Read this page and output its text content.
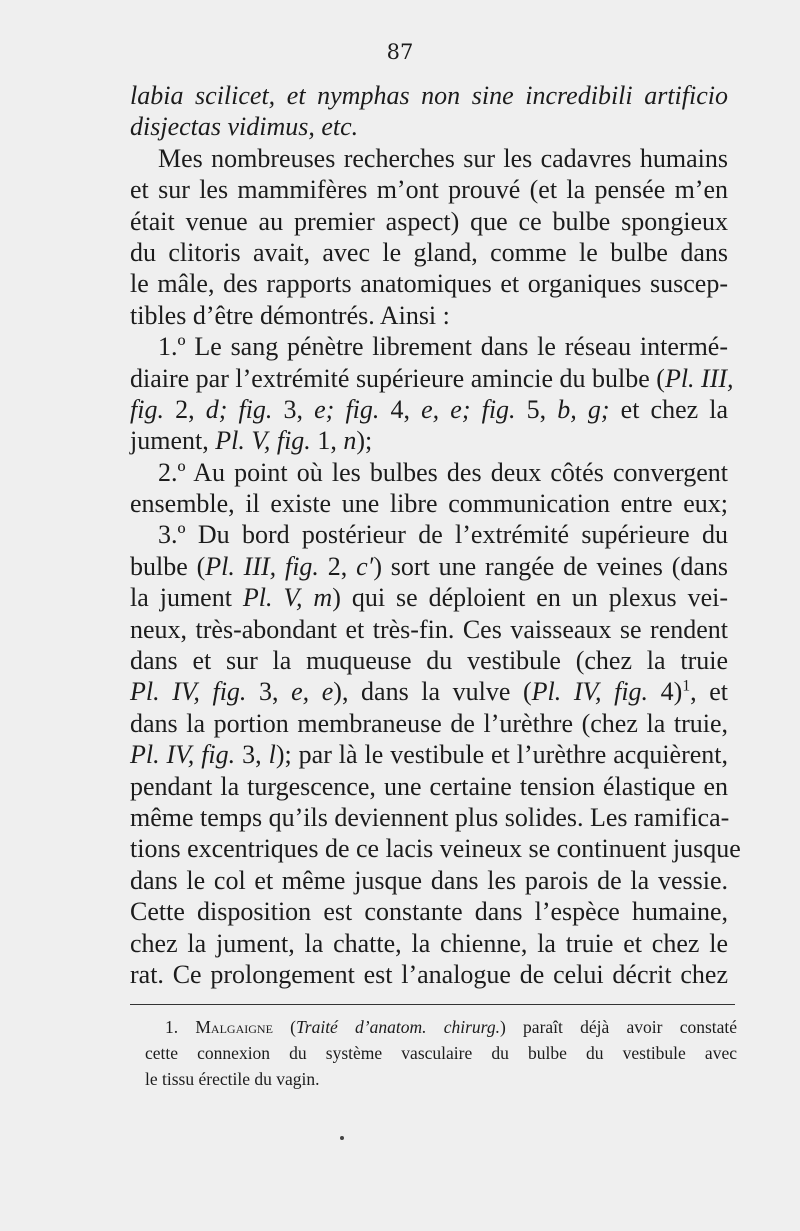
87
labia scilicet, et nymphas non sine incredibili artificio
disjectas vidimus, etc.
Mes nombreuses recherches sur les cadavres humains
et sur les mammifères m’ont prouvé (et la pensée m’en
était venue au premier aspect) que ce bulbe spongieux
du clitoris avait, avec le gland, comme le bulbe dans
le mâle, des rapports anatomiques et organiques suscep-
tibles d’être démontrés. Ainsi :
1.º Le sang pénètre librement dans le réseau intermé-
diaire par l’extrémité supérieure amincie du bulbe (Pl. III,
fig. 2, d; fig. 3, e; fig. 4, e, e; fig. 5, b, g; et chez la
jument, Pl. V, fig. 1, n);
2.º Au point où les bulbes des deux côtés convergent
ensemble, il existe une libre communication entre eux;
3.º Du bord postérieur de l’extrémité supérieure du
bulbe (Pl. III, fig. 2, c′) sort une rangée de veines (dans
la jument Pl. V, m) qui se déploient en un plexus vei-
neux, très-abondant et très-fin. Ces vaisseaux se rendent
dans et sur la muqueuse du vestibule (chez la truie
Pl. IV, fig. 3, e, e), dans la vulve (Pl. IV, fig. 4)$^1$, et
dans la portion membraneuse de l’urèthre (chez la truie,
Pl. IV, fig. 3, l); par là le vestibule et l’urèthre acquièrent,
pendant la turgescence, une certaine tension élastique en
même temps qu’ils deviennent plus solides. Les ramifica-
tions excentriques de ce lacis veineux se continuent jusque
dans le col et même jusque dans les parois de la vessie.
Cette disposition est constante dans l’espèce humaine,
chez la jument, la chatte, la chienne, la truie et chez le
rat. Ce prolongement est l’analogue de celui décrit chez
1. Malgaigne (Traité d’anatom. chirurg.) paraît déjà avoir constaté
cette connexion du système vasculaire du bulbe du vestibule avec
le tissu érectile du vagin.
